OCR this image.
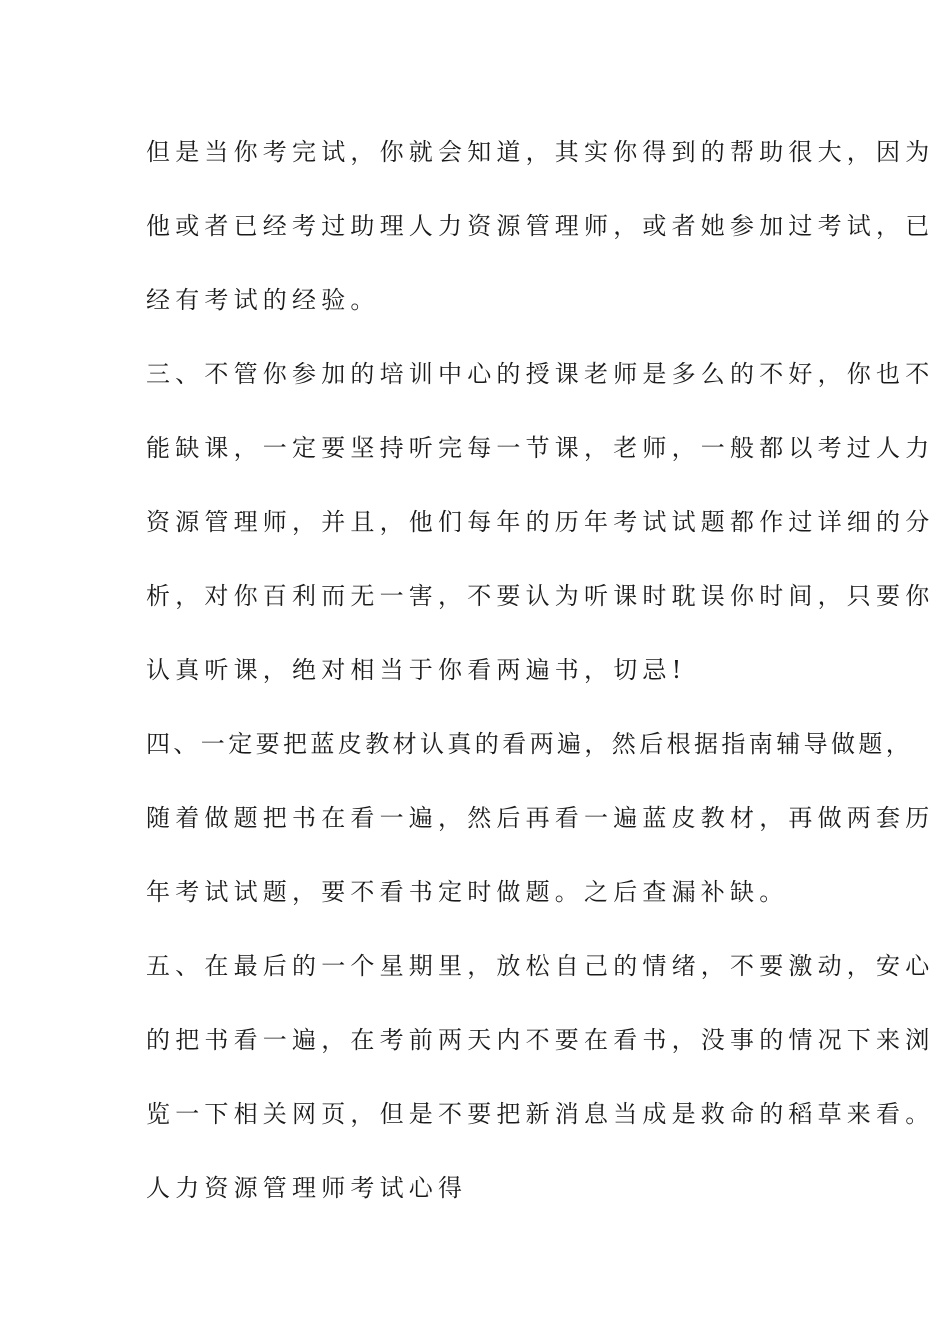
但是当你考完试，你就会知道，其实你得到的帮助很大，因为
他或者已经考过助理人力资源管理师，或者她参加过考试，已
经有考试的经验。
三、不管你参加的培训中心的授课老师是多么的不好，你也不
能缺课，一定要坚持听完每一节课，老师，一般都以考过人力
资源管理师，并且，他们每年的历年考试试题都作过详细的分
析，对你百利而无一害，不要认为听课时耽误你时间，只要你
认真听课，绝对相当于你看两遍书，切忌!
四、一定要把蓝皮教材认真的看两遍，然后根据指南辅导做题，
随着做题把书在看一遍，然后再看一遍蓝皮教材，再做两套历
年考试试题，要不看书定时做题。之后查漏补缺。
五、在最后的一个星期里，放松自己的情绪，不要激动，安心
的把书看一遍，在考前两天内不要在看书，没事的情况下来浏
览一下相关网页，但是不要把新消息当成是救命的稻草来看。
人力资源管理师考试心得
